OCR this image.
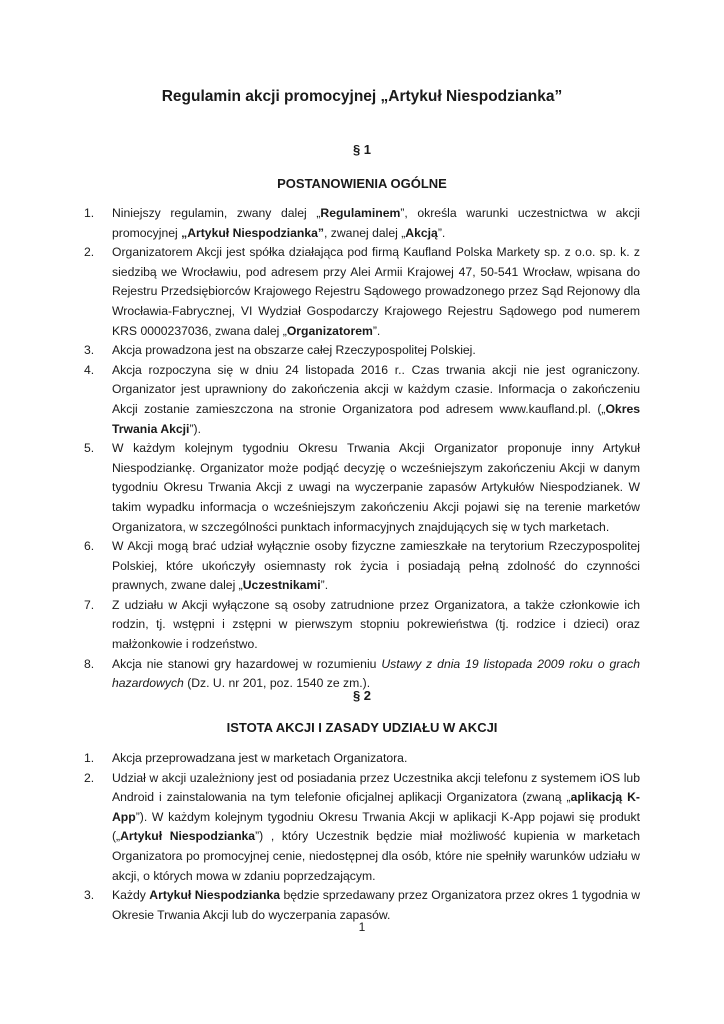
Regulamin akcji promocyjnej „Artykuł Niespodzianka”
§ 1
POSTANOWIENIA OGÓLNE
1. Niniejszy regulamin, zwany dalej „Regulaminem”, określa warunki uczestnictwa w akcji promocyjnej „Artykuł Niespodzianka”, zwanej dalej „Akcją”.
2. Organizatorem Akcji jest spółka działająca pod firmą Kaufland Polska Markety sp. z o.o. sp. k. z siedzibą we Wrocławiu, pod adresem przy Alei Armii Krajowej 47, 50-541 Wrocław, wpisana do Rejestru Przedsiębiorców Krajowego Rejestru Sądowego prowadzonego przez Sąd Rejonowy dla Wrocławia-Fabrycznej, VI Wydział Gospodarczy Krajowego Rejestru Sądowego pod numerem KRS 0000237036, zwana dalej „Organizatorem”.
3. Akcja prowadzona jest na obszarze całej Rzeczypospolitej Polskiej.
4. Akcja rozpoczyna się w dniu 24 listopada 2016 r.. Czas trwania akcji nie jest ograniczony. Organizator jest uprawniony do zakończenia akcji w każdym czasie. Informacja o zakończeniu Akcji zostanie zamieszczona na stronie Organizatora pod adresem www.kaufland.pl. („Okres Trwania Akcji”).
5. W każdym kolejnym tygodniu Okresu Trwania Akcji Organizator proponuje inny Artykuł Niespodziankę. Organizator może podjąć decyzję o wcześniejszym zakończeniu Akcji w danym tygodniu Okresu Trwania Akcji z uwagi na wyczerpanie zapasów Artykułów Niespodzianek. W takim wypadku informacja o wcześniejszym zakończeniu Akcji pojawi się na terenie marketów Organizatora, w szczególności punktach informacyjnych znajdujących się w tych marketach.
6. W Akcji mogą brać udział wyłącznie osoby fizyczne zamieszkałe na terytorium Rzeczypospolitej Polskiej, które ukończyły osiemnasty rok życia i posiadają pełną zdolność do czynności prawnych, zwane dalej „Uczestnikami”.
7. Z udziału w Akcji wyłączone są osoby zatrudnione przez Organizatora, a także członkowie ich rodzin, tj. wstępni i zstępni w pierwszym stopniu pokrewieństwa (tj. rodzice i dzieci) oraz małżonkowie i rodzeństwo.
8. Akcja nie stanowi gry hazardowej w rozumieniu Ustawy z dnia 19 listopada 2009 roku o grach hazardowych (Dz. U. nr 201, poz. 1540 ze zm.).
§ 2
ISTOTA AKCJI I ZASADY UDZIAŁU W AKCJI
1. Akcja przeprowadzana jest w marketach Organizatora.
2. Udział w akcji uzależniony jest od posiadania przez Uczestnika akcji telefonu z systemem iOS lub Android i zainstalowania na tym telefonie oficjalnej aplikacji Organizatora (zwaną „aplikacją K-App”). W każdym kolejnym tygodniu Okresu Trwania Akcji w aplikacji K-App pojawi się produkt („Artykuł Niespodzianka”) , który Uczestnik będzie miał możliwość kupienia w marketach Organizatora po promocyjnej cenie, niedostępnej dla osób, które nie spełniły warunków udziału w akcji, o których mowa w zdaniu poprzedzającym.
3. Każdy Artykuł Niespodzianka będzie sprzedawany przez Organizatora przez okres 1 tygodnia w Okresie Trwania Akcji lub do wyczerpania zapasów.
1
